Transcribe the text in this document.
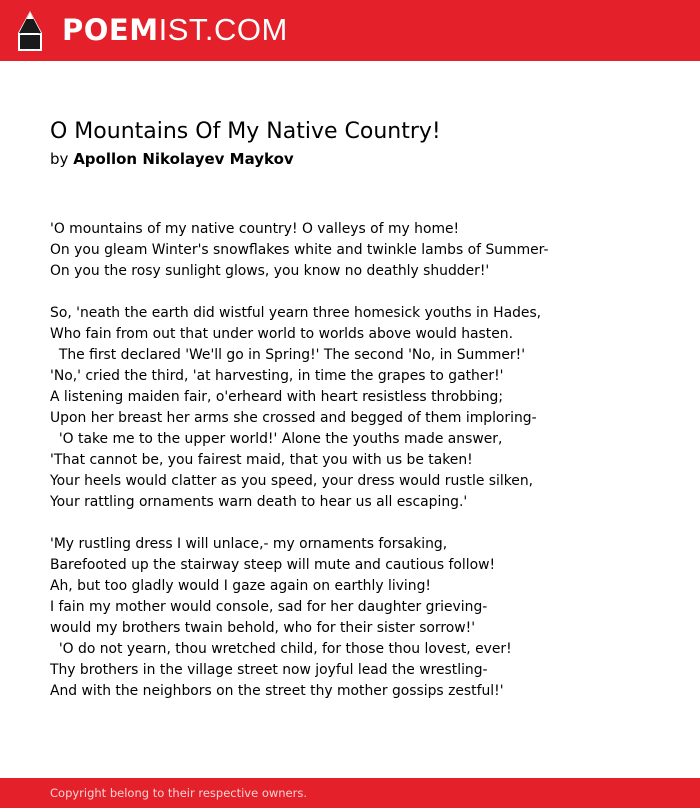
POEMIST.COM
O Mountains Of My Native Country!
by Apollon Nikolayev Maykov
'O mountains of my native country! O valleys of my home!
On you gleam Winter's snowflakes white and twinkle lambs of Summer-
On you the rosy sunlight glows, you know no deathly shudder!'
So, 'neath the earth did wistful yearn three homesick youths in Hades,
Who fain from out that under world to worlds above would hasten.
The first declared 'We'll go in Spring!' The second 'No, in Summer!'
'No,' cried the third, 'at harvesting, in time the grapes to gather!'
A listening maiden fair, o'erheard with heart resistless throbbing;
Upon her breast her arms she crossed and begged of them imploring-
'O take me to the upper world!' Alone the youths made answer,
'That cannot be, you fairest maid, that you with us be taken!
Your heels would clatter as you speed, your dress would rustle silken,
Your rattling ornaments warn death to hear us all escaping.'
'My rustling dress I will unlace,- my ornaments forsaking,
Barefooted up the stairway steep will mute and cautious follow!
Ah, but too gladly would I gaze again on earthly living!
I fain my mother would console, sad for her daughter grieving-
would my brothers twain behold, who for their sister sorrow!'
'O do not yearn, thou wretched child, for those thou lovest, ever!
Thy brothers in the village street now joyful lead the wrestling-
And with the neighbors on the street thy mother gossips zestful!'
Copyright belong to their respective owners.
